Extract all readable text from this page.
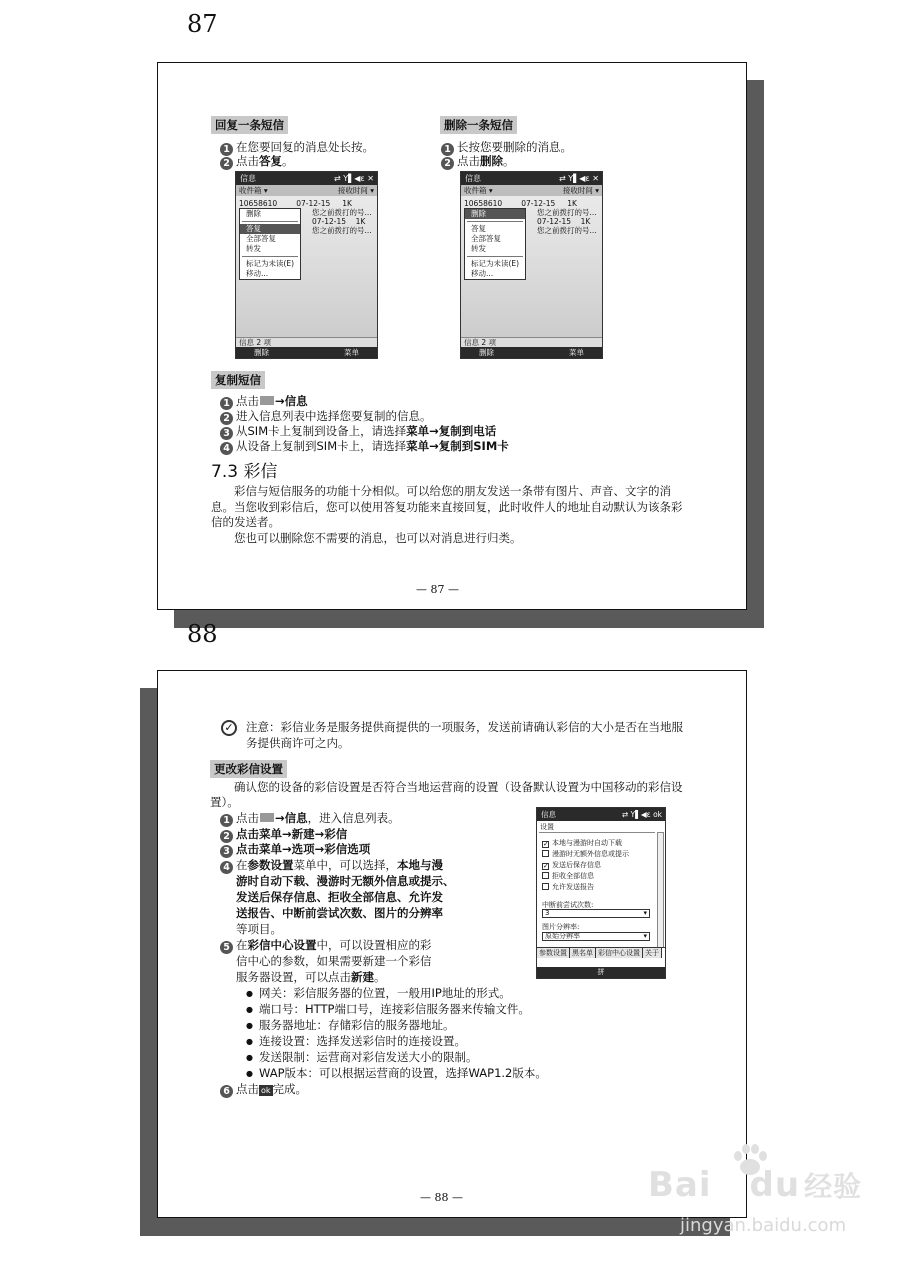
87
回复一条短信
1 在您要回复的消息处长按。
2 点击答复。
删除一条短信
1 长按您要删除的消息。
2 点击删除。
信息	⇄ Y▌◀ε ✕
收件箱 ▾	接收时间 ▾
10658610	07-12-15 1K
您之前拨打的号...
07-12-15 1K
您之前拨打的号...
删除
答复
全部答复
转发
标记为未读(E)
移动...
信息 2 项
删除	菜单
信息	⇄ Y▌◀ε ✕
收件箱 ▾	接收时间 ▾
10658610	07-12-15 1K
您之前拨打的号...
07-12-15 1K
您之前拨打的号...
删除
答复
全部答复
转发
标记为未读(E)
移动...
信息 2 项
删除	菜单
复制短信
1 点击 →信息
2 进入信息列表中选择您要复制的信息。
3 从SIM卡上复制到设备上，请选择菜单→复制到电话
4 从设备上复制到SIM卡上，请选择菜单→复制到SIM卡
7.3 彩信
彩信与短信服务的功能十分相似。可以给您的朋友发送一条带有图片、声音、文字的消
息。当您收到彩信后，您可以使用答复功能来直接回复，此时收件人的地址自动默认为该条彩
信的发送者。
您也可以删除您不需要的消息，也可以对消息进行归类。
— 87 —
88
✓ 注意：彩信业务是服务提供商提供的一项服务，发送前请确认彩信的大小是否在当地服
务提供商许可之内。
更改彩信设置
确认您的设备的彩信设置是否符合当地运营商的设置（设备默认设置为中国移动的彩信设
置）。
1 点击 →信息，进入信息列表。
2 点击菜单→新建→彩信
3 点击菜单→选项→彩信选项
4 在参数设置菜单中，可以选择，本地与漫
游时自动下载、漫游时无额外信息或提示、
发送后保存信息、拒收全部信息、允许发
送报告、中断前尝试次数、图片的分辨率
等项目。
5 在彩信中心设置中，可以设置相应的彩
信中心的参数，如果需要新建一个彩信
服务器设置，可以点击新建。
● 网关：彩信服务器的位置，一般用IP地址的形式。
● 端口号：HTTP端口号，连接彩信服务器来传输文件。
● 服务器地址：存储彩信的服务器地址。
● 连接设置：选择发送彩信时的连接设置。
● 发送限制：运营商对彩信发送大小的限制。
● WAP版本：可以根据运营商的设置，选择WAP1.2版本。
6 点击 ok 完成。
信息	⇄ Y▌◀ε ok
设置
✓ 本地与漫游时自动下载
漫游时无额外信息或提示
✓ 发送后保存信息
拒收全部信息
允许发送报告
中断前尝试次数:
3	▾
图片分辨率:
原始分辨率	▾
参数设置 黑名单 彩信中心设置 关于
拼
— 88 —	Bai du 经验
jingyan.baidu.com
